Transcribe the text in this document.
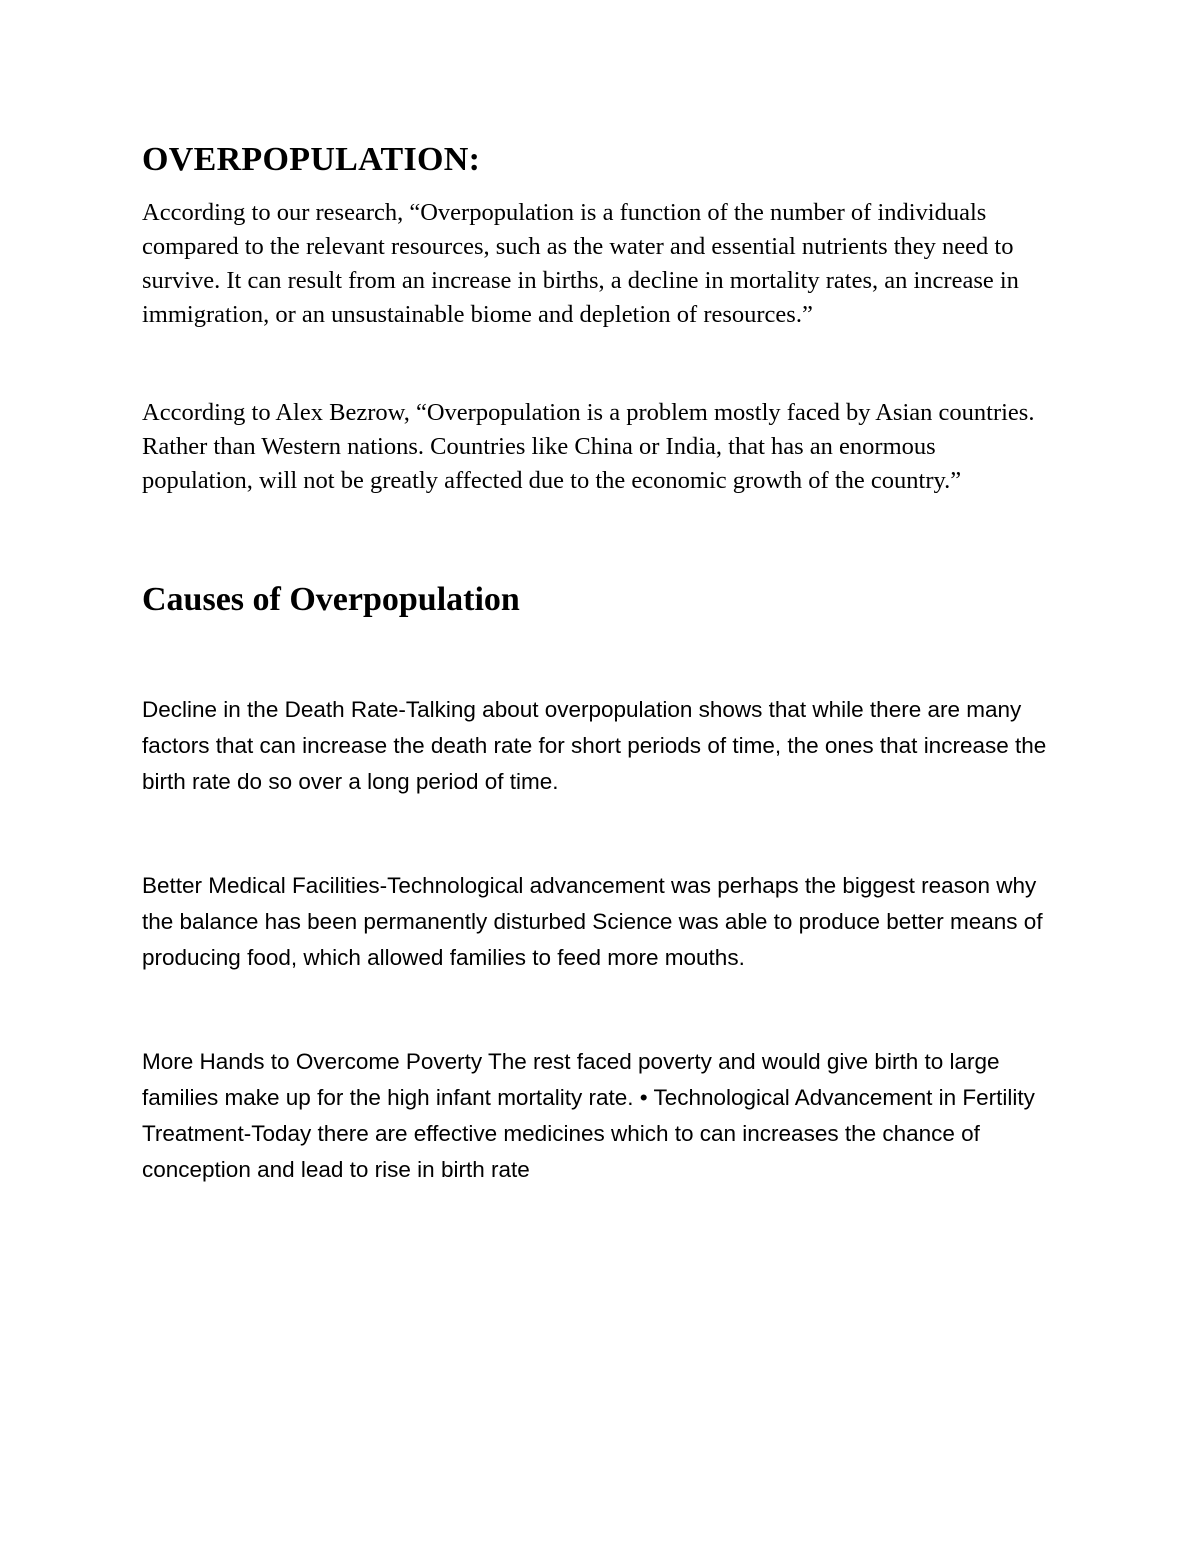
OVERPOPULATION:

According to our research, “Overpopulation is a function of the number of individuals compared to the relevant resources, such as the water and essential nutrients they need to survive. It can result from an increase in births, a decline in mortality rates, an increase in immigration, or an unsustainable biome and depletion of resources.”

According to Alex Bezrow, “Overpopulation is a problem mostly faced by Asian countries. Rather than Western nations. Countries like China or India, that has an enormous population, will not be greatly affected due to the economic growth of the country.”

Causes of Overpopulation

Decline in the Death Rate-Talking about overpopulation shows that while there are many factors that can increase the death rate for short periods of time, the ones that increase the birth rate do so over a long period of time.

Better Medical Facilities-Technological advancement was perhaps the biggest reason why the balance has been permanently disturbed Science was able to produce better means of producing food, which allowed families to feed more mouths.

More Hands to Overcome Poverty The rest faced poverty and would give birth to large families make up for the high infant mortality rate. • Technological Advancement in Fertility Treatment-Today there are effective medicines which to can increases the chance of conception and lead to rise in birth rate
